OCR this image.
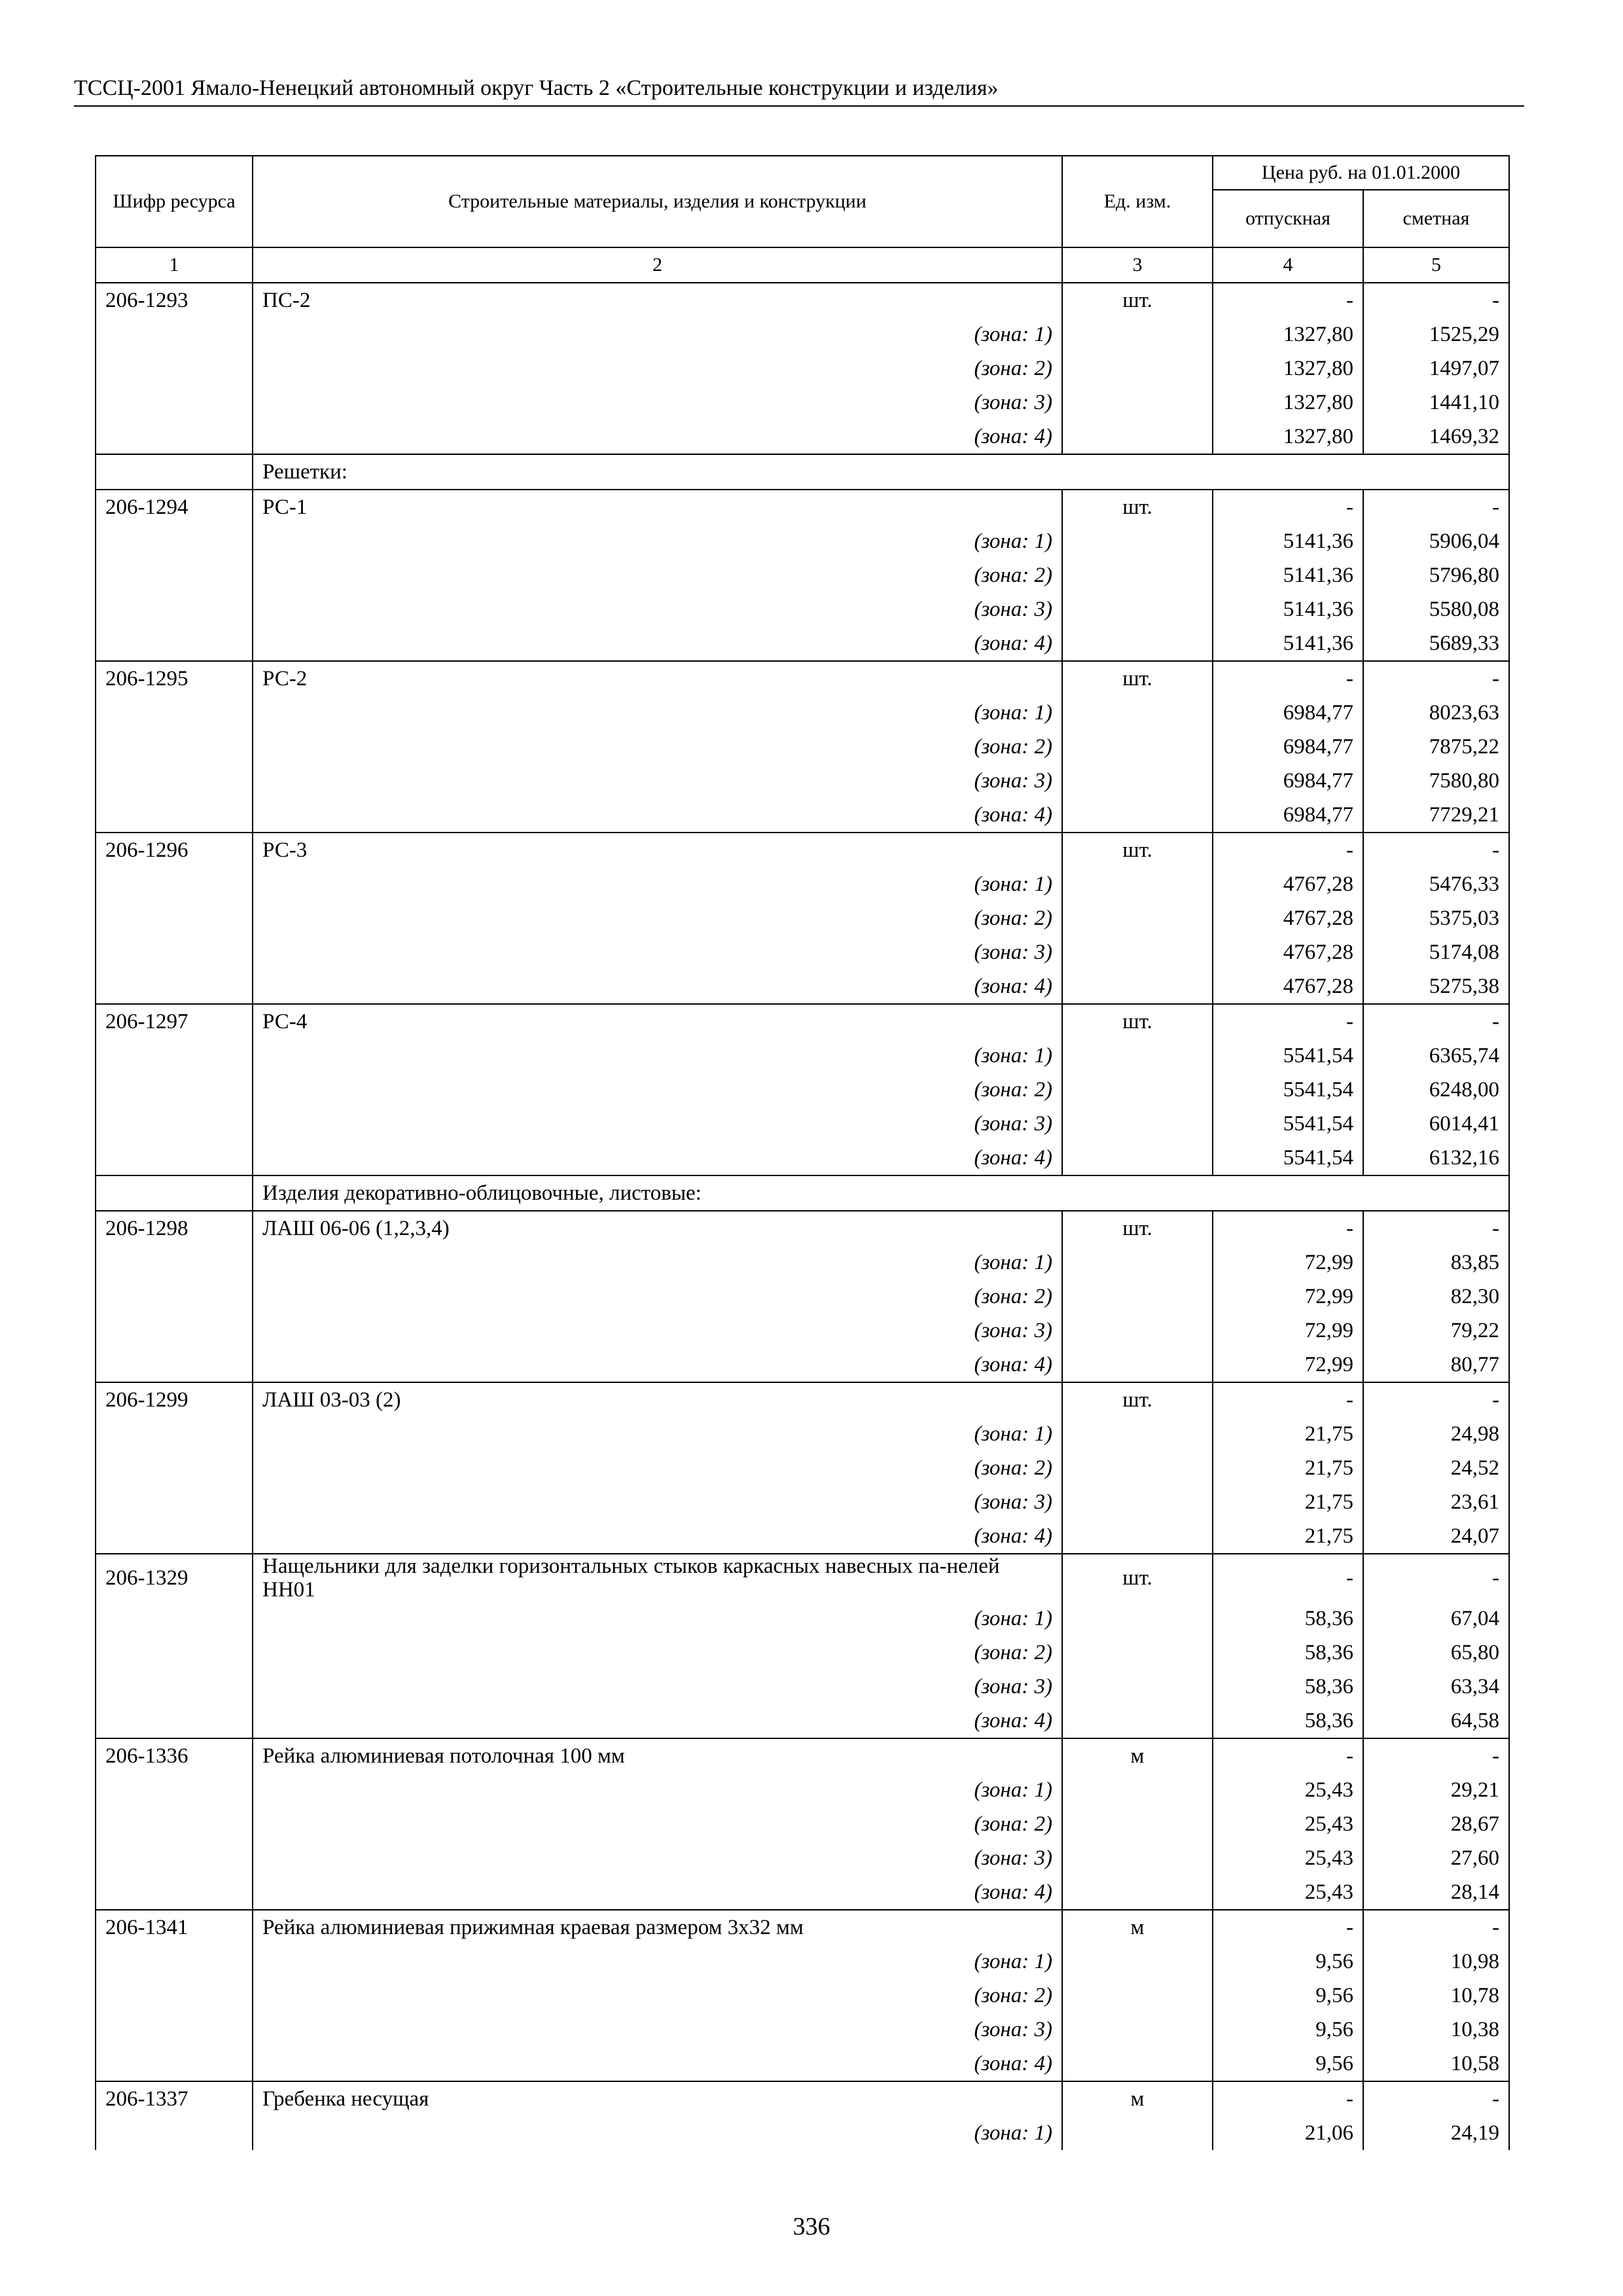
ТССЦ-2001 Ямало-Ненецкий автономный округ Часть 2 «Строительные конструкции и изделия»
Шифр ресурса	Строительные материалы, изделия и конструкции	Ед. изм.	Цена руб. на 01.01.2000	
			отпускная	сметная
1	2	3	4	5
206-1293	ПС-2	шт.	-	-
	(зона: 1)		1327,80	1525,29
	(зона: 2)		1327,80	1497,07
	(зона: 3)		1327,80	1441,10
	(зона: 4)		1327,80	1469,32
	Решетки:			
206-1294	РС-1	шт.	-	-
	(зона: 1)		5141,36	5906,04
	(зона: 2)		5141,36	5796,80
	(зона: 3)		5141,36	5580,08
	(зона: 4)		5141,36	5689,33
206-1295	РС-2	шт.	-	-
	(зона: 1)		6984,77	8023,63
	(зона: 2)		6984,77	7875,22
	(зона: 3)		6984,77	7580,80
	(зона: 4)		6984,77	7729,21
206-1296	РС-3	шт.	-	-
	(зона: 1)		4767,28	5476,33
	(зона: 2)		4767,28	5375,03
	(зона: 3)		4767,28	5174,08
	(зона: 4)		4767,28	5275,38
206-1297	РС-4	шт.	-	-
	(зона: 1)		5541,54	6365,74
	(зона: 2)		5541,54	6248,00
	(зона: 3)		5541,54	6014,41
	(зона: 4)		5541,54	6132,16
	Изделия декоративно-облицовочные, листовые:			
206-1298	ЛАШ 06-06 (1,2,3,4)	шт.	-	-
	(зона: 1)		72,99	83,85
	(зона: 2)		72,99	82,30
	(зона: 3)		72,99	79,22
	(зона: 4)		72,99	80,77
206-1299	ЛАШ 03-03 (2)	шт.	-	-
	(зона: 1)		21,75	24,98
	(зона: 2)		21,75	24,52
	(зона: 3)		21,75	23,61
	(зона: 4)		21,75	24,07
206-1329	Нащельники для заделки горизонтальных стыков каркасных навесных па-нелей НН01	шт.	-	-
	(зона: 1)		58,36	67,04
	(зона: 2)		58,36	65,80
	(зона: 3)		58,36	63,34
	(зона: 4)		58,36	64,58
206-1336	Рейка алюминиевая потолочная 100 мм	м	-	-
	(зона: 1)		25,43	29,21
	(зона: 2)		25,43	28,67
	(зона: 3)		25,43	27,60
	(зона: 4)		25,43	28,14
206-1341	Рейка алюминиевая прижимная краевая размером 3х32 мм	м	-	-
	(зона: 1)		9,56	10,98
	(зона: 2)		9,56	10,78
	(зона: 3)		9,56	10,38
	(зона: 4)		9,56	10,58
206-1337	Гребенка несущая	м	-	-
	(зона: 1)		21,06	24,19
336
